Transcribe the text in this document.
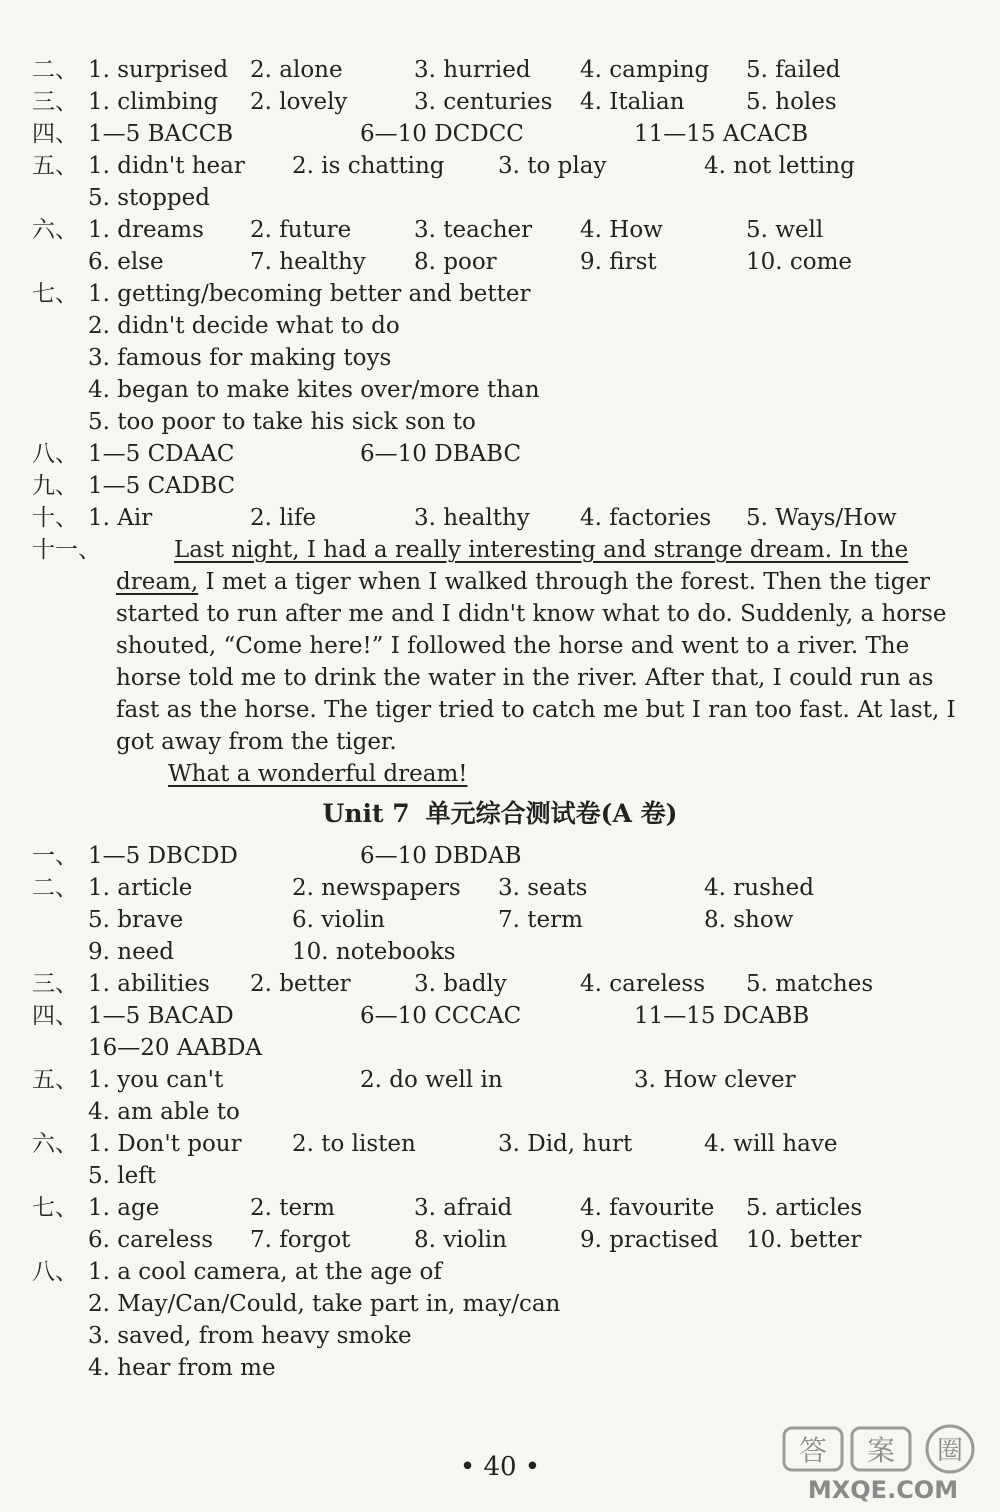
二、 1. surprised 2. alone	3. hurried 4. camping 5. failed
三、 1. climbing 2. lovely	3. centuries 4. Italian	5. holes
四、 1—5 BACCB	6—10 DCDCC	11—15 ACACB
五、 1. didn't hear 2. is chatting 3. to play	4. not letting
5. stopped
六、 1. dreams 2. future	3. teacher 4. How	5. well
6. else	7. healthy 8. poor	9. first	10. come
七、 1. getting/becoming better and better
2. didn't decide what to do
3. famous for making toys
4. began to make kites over/more than
5. too poor to take his sick son to
八、 1—5 CDAAC	6—10 DBABC
九、 1—5 CADBC
十、 1. Air	2. life	3. healthy 4. factories 5. Ways/How
十一、	Last night, I had a really interesting and strange dream. In the
dream, I met a tiger when I walked through the forest. Then the tiger
started to run after me and I didn't know what to do. Suddenly, a horse
shouted, “Come here!” I followed the horse and went to a river. The
horse told me to drink the water in the river. After that, I could run as
fast as the horse. The tiger tried to catch me but I ran too fast. At last, I
got away from the tiger.
What a wonderful dream!
Unit 7 单元综合测试卷(A 卷)
一、 1—5 DBCDD	6—10 DBDAB
二、 1. article	2. newspapers 3. seats	4. rushed
5. brave	6. violin	7. term	8. show
9. need	10. notebooks
三、 1. abilities 2. better	3. badly	4. careless 5. matches
四、 1—5 BACAD	6—10 CCCAC	11—15 DCABB
16—20 AABDA
五、 1. you can't	2. do well in	3. How clever
4. am able to
六、 1. Don't pour 2. to listen	3. Did, hurt	4. will have
5. left
七、 1. age	2. term	3. afraid	4. favourite 5. articles
6. careless 7. forgot	8. violin	9. practised 10. better
八、 1. a cool camera, at the age of
2. May/Can/Could, take part in, may/can
3. saved, from heavy smoke
4. hear from me
• 40 •	答 案 圈
MXQE.COM
